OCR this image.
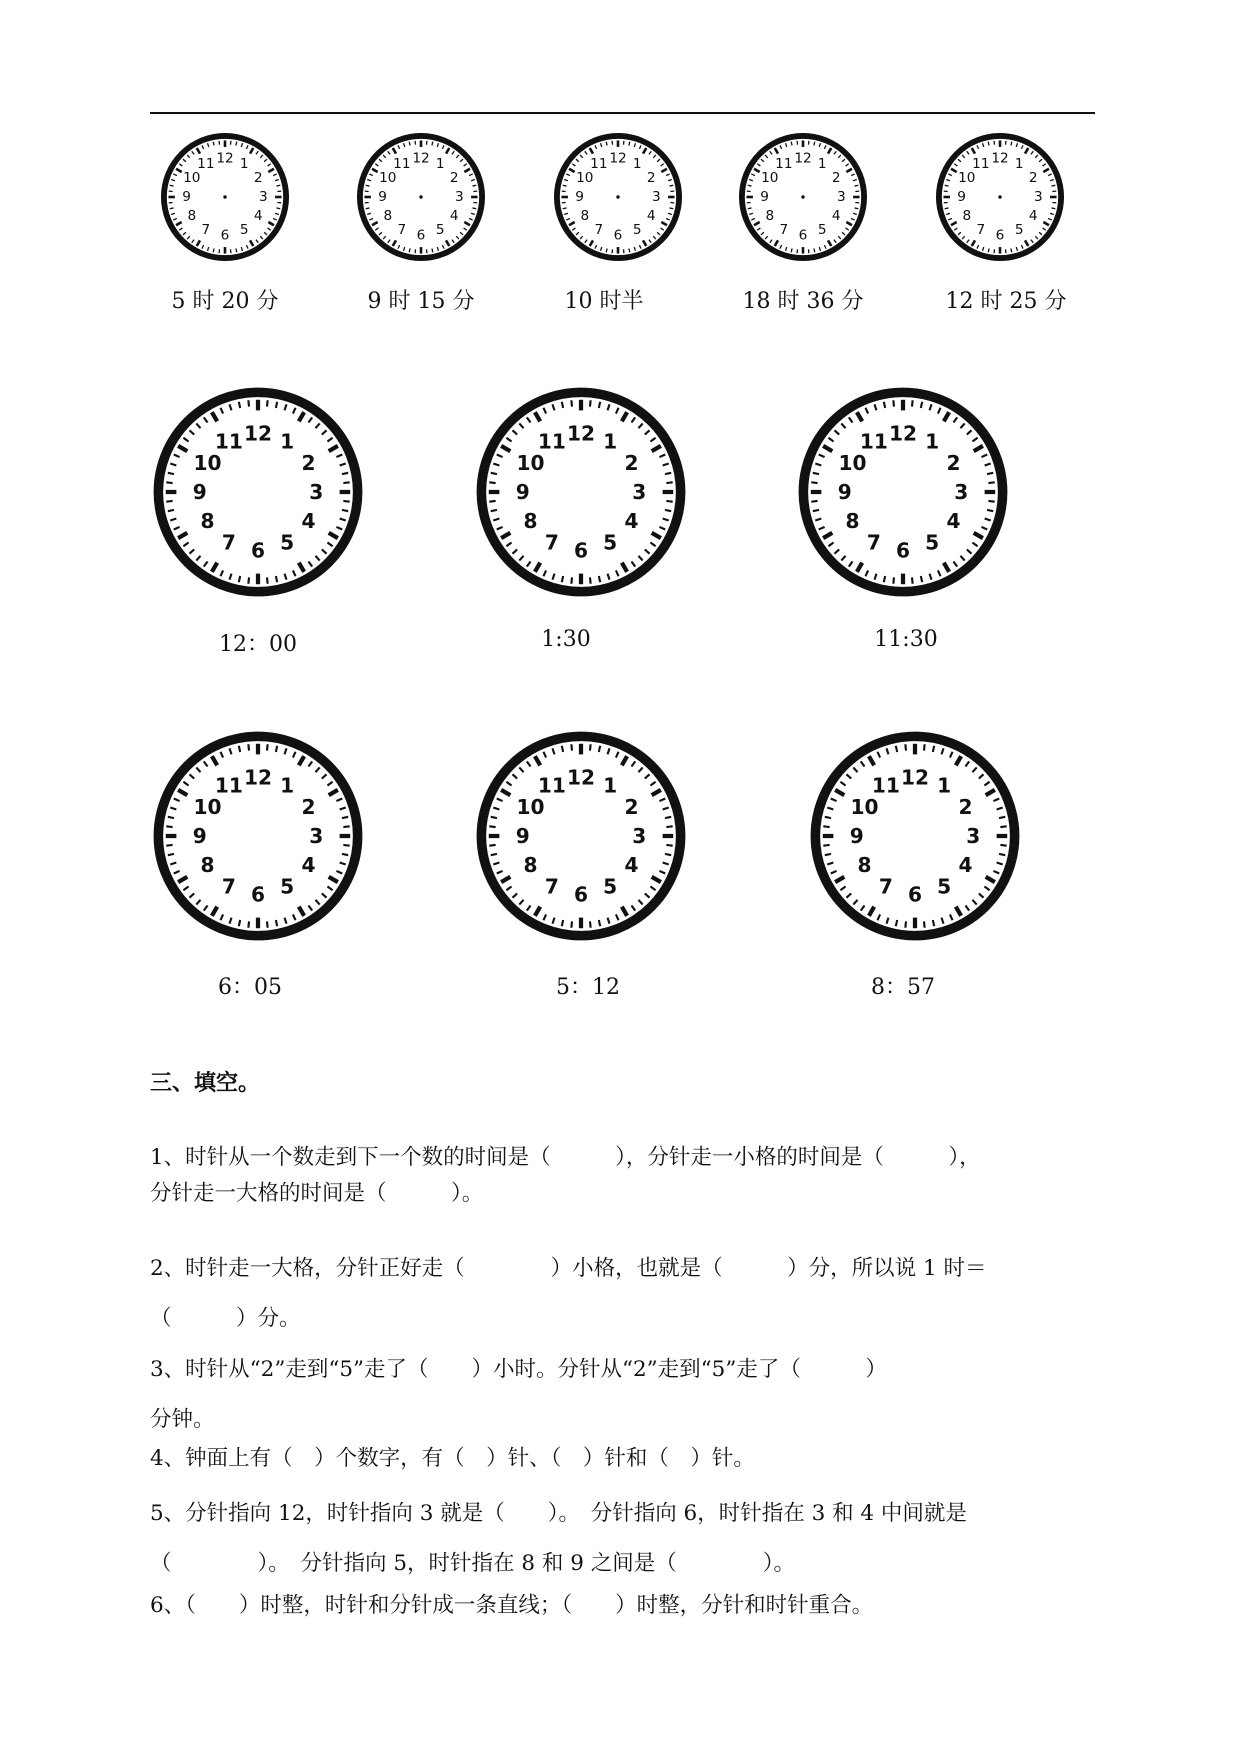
12 1
2
3
4
5
6
7
8
9
10
11	12 1
2
3
4
5
6
7
8
9
10
11	12 1
2
3
4
5
6
7
8
9
10
11	12 1
2
3
4
5
6
7
8
9
10
11	12 1
2
3
4
5
6
7
8
9
10
11
5 时 20 分	9 时 15 分	10 时半	18 时 36 分	12 时 25 分
12 1
2
3
4
5
6
7
8
9
10
11	12 1
2
3
4
5
6
7
8
9
10
11	12 1
2
3
4
5
6
7
8
9
10
11
12：00	1:30	11:30
12 1
2
3
4
5
6
7
8
9
10
11	12 1
2
3
4
5
6
7
8
9
10
11	12 1
2
3
4
5
6
7
8
9
10
11
6：05	5：12	8：57
三、填空。
1、时针从一个数走到下一个数的时间是（　　　），分针走一小格的时间是（　　　），
分针走一大格的时间是（　　　）。
2、时针走一大格，分针正好走（　　　　）小格，也就是（　　　）分，所以说 1 时＝
（　　　）分。
3、时针从“2”走到“5”走了（　　）小时。分针从“2”走到“5”走了（　　　）
分钟。
4、钟面上有（　）个数字，有（　）针、（　）针和（　）针。
5、分针指向 12，时针指向 3 就是（　　）。　分针指向 6，时针指在 3 和 4 中间就是
（　　　　）。　分针指向 5，时针指在 8 和 9 之间是（　　　　）。
6、（　　）时整，时针和分针成一条直线；（　　）时整，分针和时针重合。
